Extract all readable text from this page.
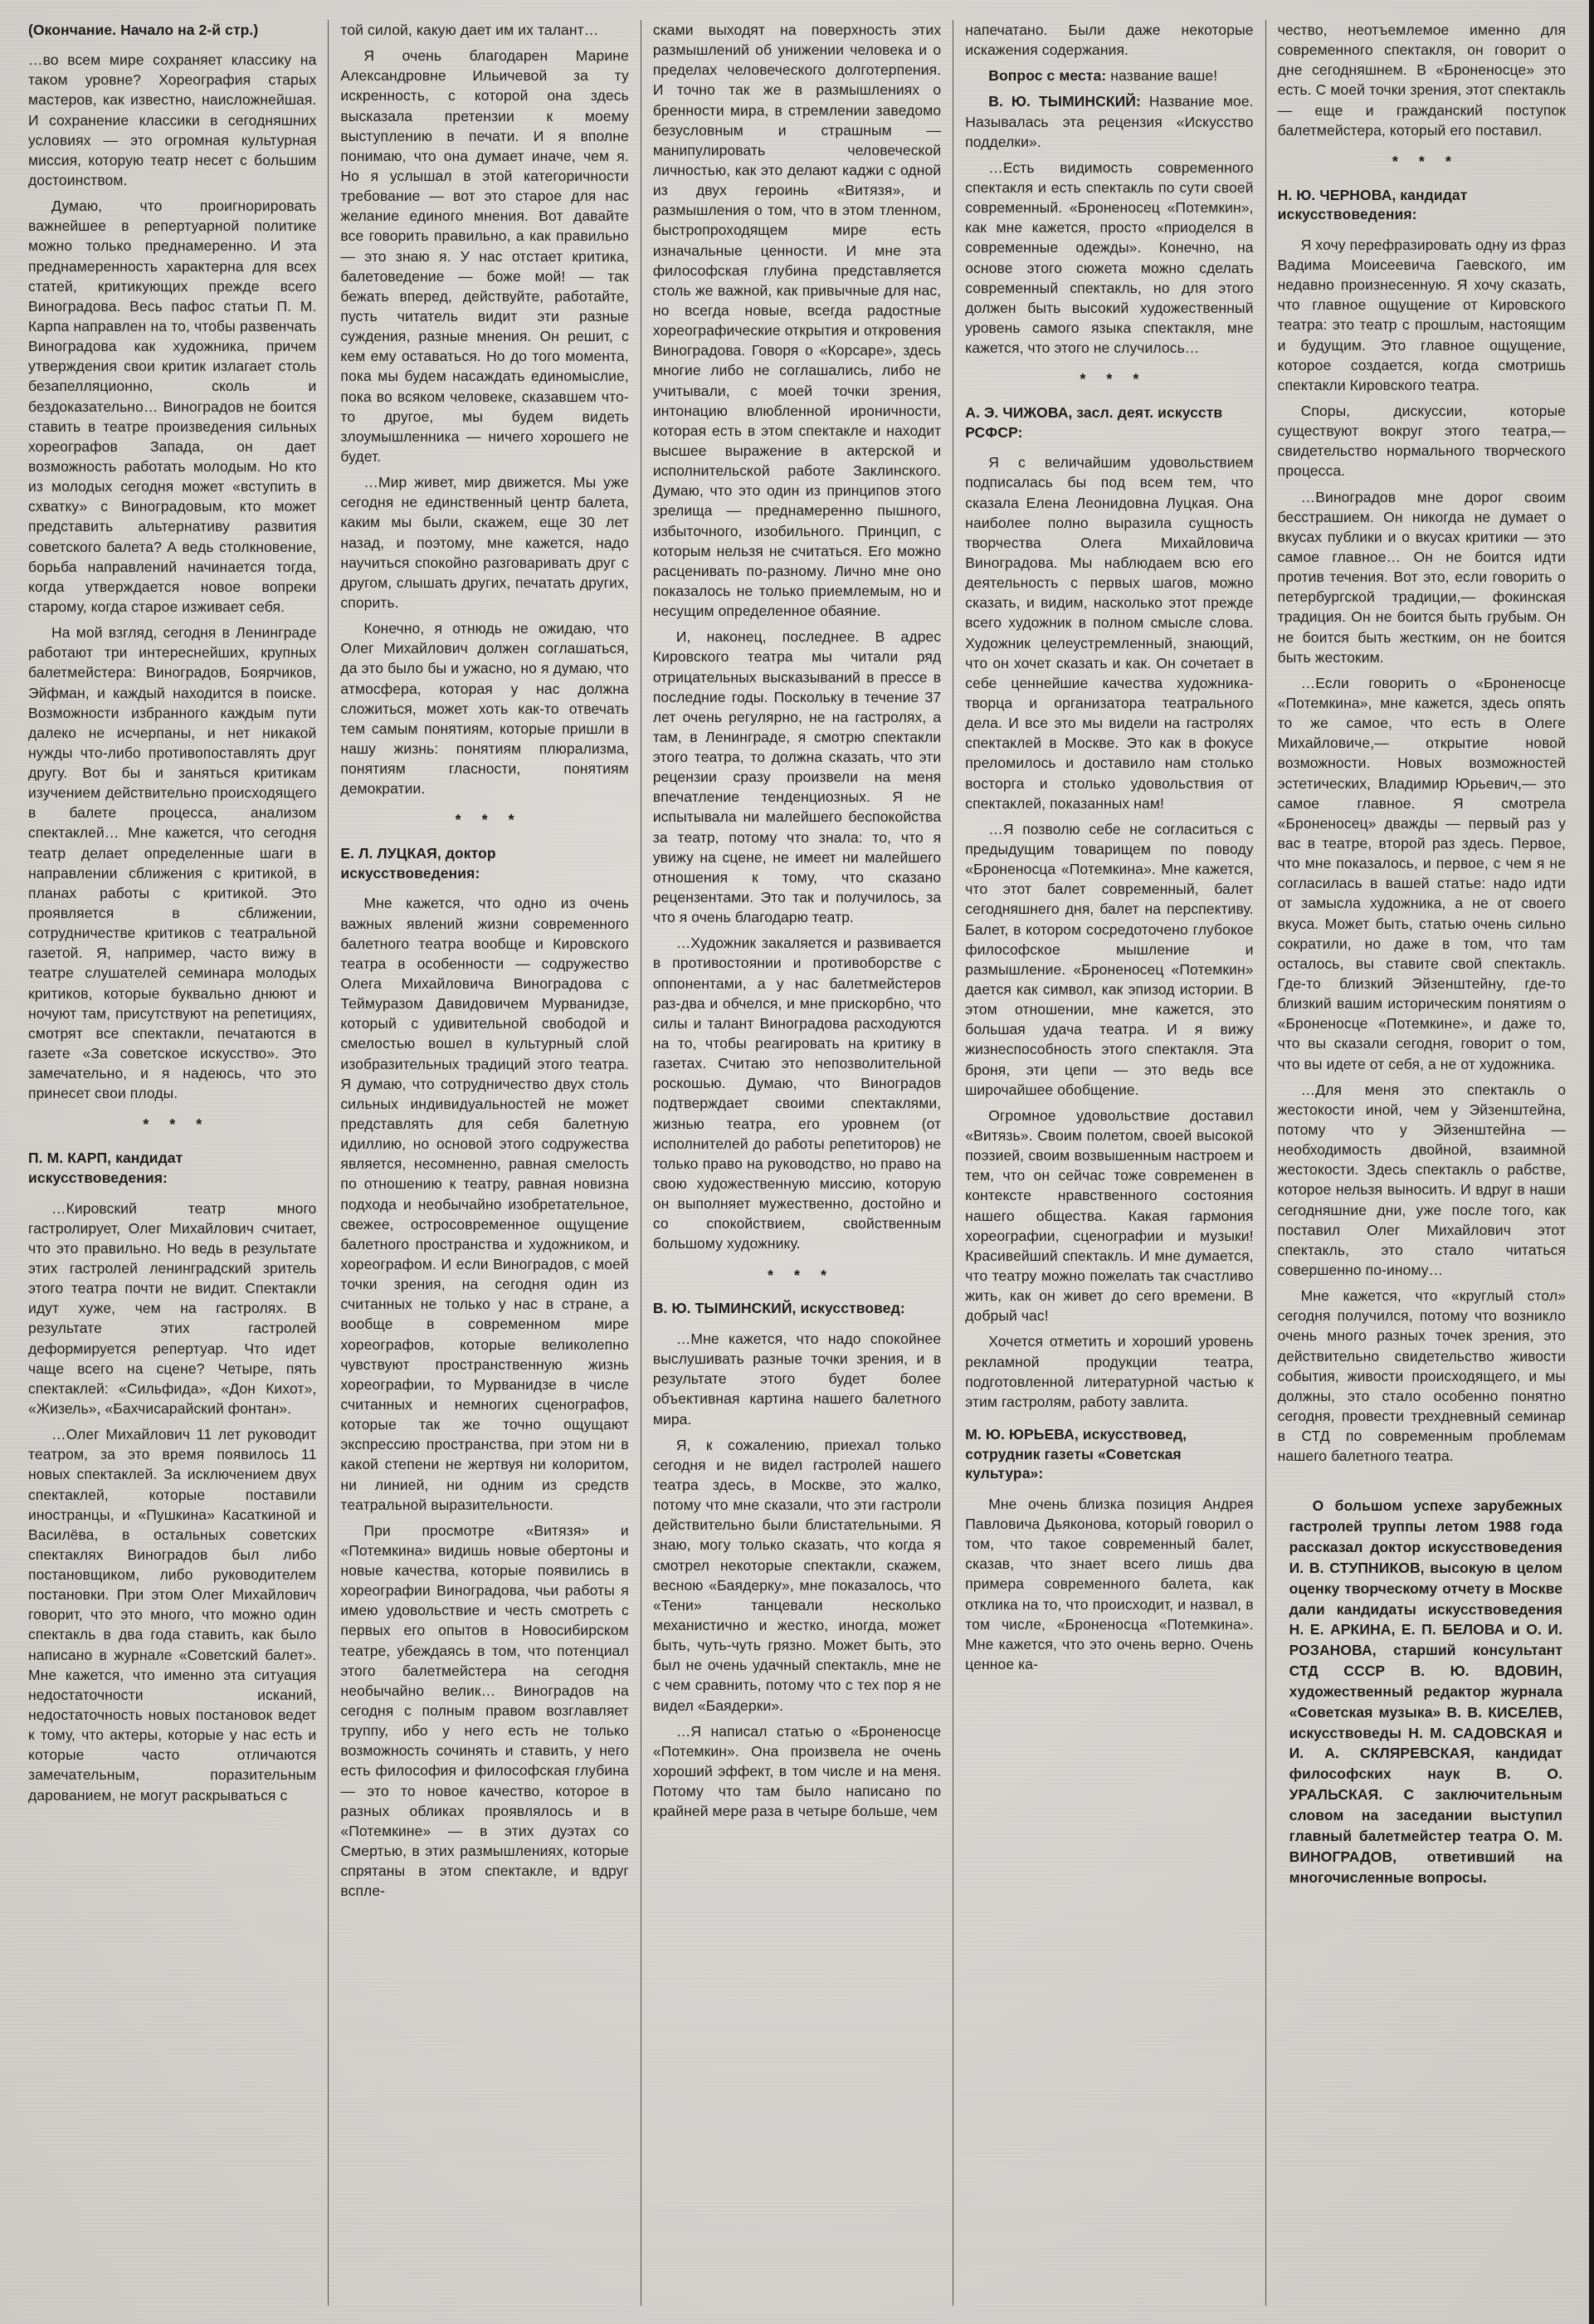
(Окончание. Начало на 2-й стр.)

…во всем мире сохраняет классику на таком уровне? Хореография старых мастеров, как известно, наисложнейшая. И сохранение классики в сегодняшних условиях — это огромная культурная миссия, которую театр несет с большим достоинством.

Думаю, что проигнорировать важнейшее в репертуарной политике можно только преднамеренно. И эта преднамеренность характерна для всех статей, критикующих прежде всего Виноградова. Весь пафос статьи П. М. Карпа направлен на то, чтобы развенчать Виноградова как художника, причем утверждения свои критик излагает столь безапелляционно, сколь и бездоказательно… Виноградов не боится ставить в театре произведения сильных хореографов Запада, он дает возможность работать молодым. Но кто из молодых сегодня может «вступить в схватку» с Виноградовым, кто может представить альтернативу развития советского балета? А ведь столкновение, борьба направлений начинается тогда, когда утверждается новое вопреки старому, когда старое изживает себя.

На мой взгляд, сегодня в Ленинграде работают три интереснейших, крупных балетмейстера: Виноградов, Боярчиков, Эйфман, и каждый находится в поиске. Возможности избранного каждым пути далеко не исчерпаны, и нет никакой нужды что-либо противопоставлять друг другу. Вот бы и заняться критикам изучением действительно происходящего в балете процесса, анализом спектаклей… Мне кажется, что сегодня театр делает определенные шаги в направлении сближения с критикой, в планах работы с критикой. Это проявляется в сближении, сотрудничестве критиков с театральной газетой. Я, например, часто вижу в театре слушателей семинара молодых критиков, которые буквально днюют и ночуют там, присутствуют на репетициях, смотрят все спектакли, печатаются в газете «За советское искусство». Это замечательно, и я надеюсь, что это принесет свои плоды.

* * *
П. М. КАРП, кандидат искусствоведения:

…Кировский театр много гастролирует, Олег Михайлович считает, что это правильно. Но ведь в результате этих гастролей ленинградский зритель этого театра почти не видит. Спектакли идут хуже, чем на гастролях. В результате этих гастролей деформируется репертуар. Что идет чаще всего на сцене? Четыре, пять спектаклей: «Сильфида», «Дон Кихот», «Жизель», «Бахчисарайский фонтан».

…Олег Михайлович 11 лет руководит театром, за это время появилось 11 новых спектаклей. За исключением двух спектаклей, которые поставили иностранцы, и «Пушкина» Касаткиной и Василёва, в остальных советских спектаклях Виноградов был либо постановщиком, либо руководителем постановки. При этом Олег Михайлович говорит, что это много, что можно один спектакль в два года ставить, как было написано в журнале «Советский балет». Мне кажется, что именно эта ситуация недостаточности исканий, недостаточность новых постановок ведет к тому, что актеры, которые у нас есть и которые часто отличаются замечательным, поразительным дарованием, не могут раскрываться с

той силой, какую дает им их талант…

Я очень благодарен Марине Александровне Ильичевой за ту искренность, с которой она здесь высказала претензии к моему выступлению в печати. И я вполне понимаю, что она думает иначе, чем я. Но я услышал в этой категоричности требование — вот это старое для нас желание единого мнения. Вот давайте все говорить правильно, а как правильно — это знаю я. У нас отстает критика, балетоведение — боже мой! — так бежать вперед, действуйте, работайте, пусть читатель видит эти разные суждения, разные мнения. Он решит, с кем ему оставаться. Но до того момента, пока мы будем насаждать единомыслие, пока во всяком человеке, сказавшем что-то другое, мы будем видеть злоумышленника — ничего хорошего не будет.

…Мир живет, мир движется. Мы уже сегодня не единственный центр балета, каким мы были, скажем, еще 30 лет назад, и поэтому, мне кажется, надо научиться спокойно разговаривать друг с другом, слышать других, печатать других, спорить.

Конечно, я отнюдь не ожидаю, что Олег Михайлович должен соглашаться, да это было бы и ужасно, но я думаю, что атмосфера, которая у нас должна сложиться, может хоть как-то отвечать тем самым понятиям, которые пришли в нашу жизнь: понятиям плюрализма, понятиям гласности, понятиям демократии.

* * *
Е. Л. ЛУЦКАЯ, доктор искусствоведения:

Мне кажется, что одно из очень важных явлений жизни современного балетного театра вообще и Кировского театра в особенности — содружество Олега Михайловича Виноградова с Теймуразом Давидовичем Мурванидзе, который с удивительной свободой и смелостью вошел в культурный слой изобразительных традиций этого театра. Я думаю, что сотрудничество двух столь сильных индивидуальностей не может представлять для себя балетную идиллию, но основой этого содружества является, несомненно, равная смелость по отношению к театру, равная новизна подхода и необычайно изобретательное, свежее, остросовременное ощущение балетного пространства и художником, и хореографом. И если Виноградов, с моей точки зрения, на сегодня один из считанных не только у нас в стране, а вообще в современном мире хореографов, которые великолепно чувствуют пространственную жизнь хореографии, то Мурванидзе в числе считанных и немногих сценографов, которые так же точно ощущают экспрессию пространства, при этом ни в какой степени не жертвуя ни колоритом, ни линией, ни одним из средств театральной выразительности.

При просмотре «Витязя» и «Потемкина» видишь новые обертоны и новые качества, которые появились в хореографии Виноградова, чьи работы я имею удовольствие и честь смотреть с первых его опытов в Новосибирском театре, убеждаясь в том, что потенциал этого балетмейстера на сегодня необычайно велик… Виноградов на сегодня с полным правом возглавляет труппу, ибо у него есть не только возможность сочинять и ставить, у него есть философия и философская глубина — это то новое качество, которое в разных обликах проявлялось и в «Потемкине» — в этих дуэтах со Смертью, в этих размышлениях, которые спрятаны в этом спектакле, и вдруг вспле-

сками выходят на поверхность этих размышлений об унижении человека и о пределах человеческого долготерпения. И точно так же в размышлениях о бренности мира, в стремлении заведомо безусловным и страшным — манипулировать человеческой личностью, как это делают каджи с одной из двух героинь «Витязя», и размышления о том, что в этом тленном, быстропроходящем мире есть изначальные ценности. И мне эта философская глубина представляется столь же важной, как привычные для нас, но всегда новые, всегда радостные хореографические открытия и откровения Виноградова. Говоря о «Корсаре», здесь многие либо не соглашались, либо не учитывали, с моей точки зрения, интонацию влюбленной ироничности, которая есть в этом спектакле и находит высшее выражение в актерской и исполнительской работе Заклинского. Думаю, что это один из принципов этого зрелища — преднамеренно пышного, избыточного, изобильного. Принцип, с которым нельзя не считаться. Его можно расценивать по-разному. Лично мне оно показалось не только приемлемым, но и несущим определенное обаяние.

И, наконец, последнее. В адрес Кировского театра мы читали ряд отрицательных высказываний в прессе в последние годы. Поскольку в течение 37 лет очень регулярно, не на гастролях, а там, в Ленинграде, я смотрю спектакли этого театра, то должна сказать, что эти рецензии сразу произвели на меня впечатление тенденциозных. Я не испытывала ни малейшего беспокойства за театр, потому что знала: то, что я увижу на сцене, не имеет ни малейшего отношения к тому, что сказано рецензентами. Это так и получилось, за что я очень благодарю театр.

…Художник закаляется и развивается в противостоянии и противоборстве с оппонентами, а у нас балетмейстеров раз-два и обчелся, и мне прискорбно, что силы и талант Виноградова расходуются на то, чтобы реагировать на критику в газетах. Считаю это непозволительной роскошью. Думаю, что Виноградов подтверждает своими спектаклями, жизнью театра, его уровнем (от исполнителей до работы репетиторов) не только право на руководство, но право на свою художественную миссию, которую он выполняет мужественно, достойно и со спокойствием, свойственным большому художнику.

* * *
В. Ю. ТЫМИНСКИЙ, искусствовед:

…Мне кажется, что надо спокойнее выслушивать разные точки зрения, и в результате этого будет более объективная картина нашего балетного мира.

Я, к сожалению, приехал только сегодня и не видел гастролей нашего театра здесь, в Москве, это жалко, потому что мне сказали, что эти гастроли действительно были блистательными. Я знаю, могу только сказать, что когда я смотрел некоторые спектакли, скажем, весною «Баядерку», мне показалось, что «Тени» танцевали несколько механистично и жестко, иногда, может быть, чуть-чуть грязно. Может быть, это был не очень удачный спектакль, мне не с чем сравнить, потому что с тех пор я не видел «Баядерки».

…Я написал статью о «Броненосце «Потемкин». Она произвела не очень хороший эффект, в том числе и на меня. Потому что там было написано по крайней мере раза в четыре больше, чем

напечатано. Были даже некоторые искажения содержания.

Вопрос с места: название ваше!

В. Ю. ТЫМИНСКИЙ: Название мое. Называлась эта рецензия «Искусство подделки».

…Есть видимость современного спектакля и есть спектакль по сути своей современный. «Броненосец «Потемкин», как мне кажется, просто «приоделся в современные одежды». Конечно, на основе этого сюжета можно сделать современный спектакль, но для этого должен быть высокий художественный уровень самого языка спектакля, мне кажется, что этого не случилось…

* * *
А. Э. ЧИЖОВА, засл. деят. искусств РСФСР:

Я с величайшим удовольствием подписалась бы под всем тем, что сказала Елена Леонидовна Луцкая. Она наиболее полно выразила сущность творчества Олега Михайловича Виноградова. Мы наблюдаем всю его деятельность с первых шагов, можно сказать, и видим, насколько этот прежде всего художник в полном смысле слова. Художник целеустремленный, знающий, что он хочет сказать и как. Он сочетает в себе ценнейшие качества художника-творца и организатора театрального дела. И все это мы видели на гастролях спектаклей в Москве. Это как в фокусе преломилось и доставило нам столько восторга и столько удовольствия от спектаклей, показанных нам!

…Я позволю себе не согласиться с предыдущим товарищем по поводу «Броненосца «Потемкина». Мне кажется, что этот балет современный, балет сегодняшнего дня, балет на перспективу. Балет, в котором сосредоточено глубокое философское мышление и размышление. «Броненосец «Потемкин» дается как символ, как эпизод истории. В этом отношении, мне кажется, это большая удача театра. И я вижу жизнеспособность этого спектакля. Эта броня, эти цепи — это ведь все широчайшее обобщение.

Огромное удовольствие доставил «Витязь». Своим полетом, своей высокой поэзией, своим возвышенным настроем и тем, что он сейчас тоже современен в контексте нравственного состояния нашего общества. Какая гармония хореографии, сценографии и музыки! Красивейший спектакль. И мне думается, что театру можно пожелать так счастливо жить, как он живет до сего времени. В добрый час!

Хочется отметить и хороший уровень рекламной продукции театра, подготовленной литературной частью к этим гастролям, работу завлита.

М. Ю. ЮРЬЕВА, искусствовед, сотрудник газеты «Советская культура»:

Мне очень близка позиция Андрея Павловича Дьяконова, который говорил о том, что такое современный балет, сказав, что знает всего лишь два примера современного балета, как отклика на то, что происходит, и назвал, в том числе, «Броненосца «Потемкина». Мне кажется, что это очень верно. Очень ценное ка-

чество, неотъемлемое именно для современного спектакля, он говорит о дне сегодняшнем. В «Броненосце» это есть. С моей точки зрения, этот спектакль — еще и гражданский поступок балетмейстера, который его поставил.

* * *
Н. Ю. ЧЕРНОВА, кандидат искусствоведения:

Я хочу перефразировать одну из фраз Вадима Моисеевича Гаевского, им недавно произнесенную. Я хочу сказать, что главное ощущение от Кировского театра: это театр с прошлым, настоящим и будущим. Это главное ощущение, которое создается, когда смотришь спектакли Кировского театра.

Споры, дискуссии, которые существуют вокруг этого театра,— свидетельство нормального творческого процесса.

…Виноградов мне дорог своим бесстрашием. Он никогда не думает о вкусах публики и о вкусах критики — это самое главное… Он не боится идти против течения. Вот это, если говорить о петербургской традиции,— фокинская традиция. Он не боится быть грубым. Он не боится быть жестким, он не боится быть жестоким.

…Если говорить о «Броненосце «Потемкина», мне кажется, здесь опять то же самое, что есть в Олеге Михайловиче,— открытие новой возможности. Новых возможностей эстетических, Владимир Юрьевич,— это самое главное. Я смотрела «Броненосец» дважды — первый раз у вас в театре, второй раз здесь. Первое, что мне показалось, и первое, с чем я не согласилась в вашей статье: надо идти от замысла художника, а не от своего вкуса. Может быть, статью очень сильно сократили, но даже в том, что там осталось, вы ставите свой спектакль. Где-то близкий Эйзенштейну, где-то близкий вашим историческим понятиям о «Броненосце «Потемкине», и даже то, что вы сказали сегодня, говорит о том, что вы идете от себя, а не от художника.

…Для меня это спектакль о жестокости иной, чем у Эйзенштейна, потому что у Эйзенштейна — необходимость двойной, взаимной жестокости. Здесь спектакль о рабстве, которое нельзя выносить. И вдруг в наши сегодняшние дни, уже после того, как поставил Олег Михайлович этот спектакль, это стало читаться совершенно по-иному…

Мне кажется, что «круглый стол» сегодня получился, потому что возникло очень много разных точек зрения, это действительно свидетельство живости события, живости происходящего, и мы должны, это стало особенно понятно сегодня, провести трехдневный семинар в СТД по современным проблемам нашего балетного театра.

О большом успехе зарубежных гастролей труппы летом 1988 года рассказал доктор искусствоведения И. В. СТУПНИКОВ, высокую в целом оценку творческому отчету в Москве дали кандидаты искусствоведения Н. Е. АРКИНА, Е. П. БЕЛОВА и О. И. РОЗАНОВА, старший консультант СТД СССР В. Ю. ВДОВИН, художественный редактор журнала «Советская музыка» В. В. КИСЕЛЕВ, искусствоведы Н. М. САДОВСКАЯ и И. А. СКЛЯРЕВСКАЯ, кандидат философских наук В. О. УРАЛЬСКАЯ. С заключительным словом на заседании выступил главный балетмейстер театра О. М. ВИНОГРАДОВ, ответивший на многочисленные вопросы.
